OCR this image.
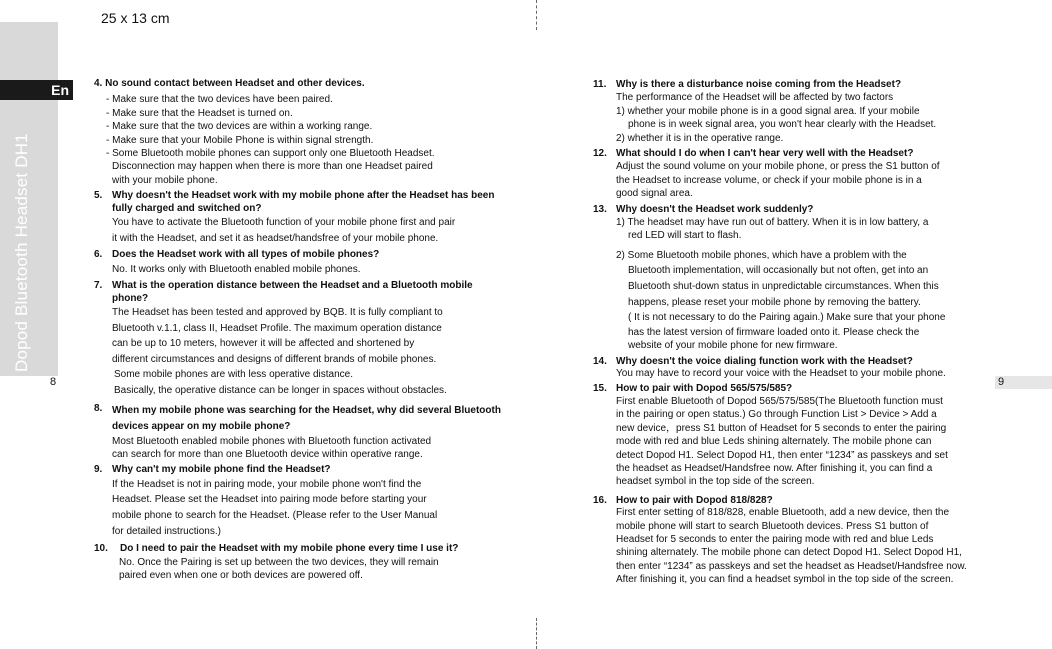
25 x 13 cm
Dopod Bluetooth Headset DH1
En
8	9
4. No sound contact between Headset and other devices.

- Make sure that the two devices have been paired.

- Make sure that the Headset is turned on.

- Make sure that the two devices are within a working range.

- Make sure that your Mobile Phone is within signal strength.

- Some Bluetooth mobile phones can support only one Bluetooth Headset.

Disconnection may happen when there is more than one Headset paired

with your mobile phone.

5. Why doesn't the Headset work with my mobile phone after the Headset has been fully charged and switched on?

You have to activate the Bluetooth function of your mobile phone first and pair

it with the Headset, and set it as headset/handsfree of your mobile phone.

6. Does the Headset work with all types of mobile phones?

No. It works only with Bluetooth enabled mobile phones.

7. What is the operation distance between the Headset and a Bluetooth mobile phone?

The Headset has been tested and approved by BQB. It is fully compliant to

Bluetooth v.1.1, class II, Headset Profile. The maximum operation distance

can be up to 10 meters, however it will be affected and shortened by

different circumstances and designs of different brands of mobile phones.

Some mobile phones are with less operative distance.

Basically, the operative distance can be longer in spaces without obstacles.

8. When my mobile phone was searching for the Headset, why did several Bluetooth devices appear on my mobile phone?

Most Bluetooth enabled mobile phones with Bluetooth function activated

can search for more than one Bluetooth device within operative range.

9. Why can't my mobile phone find the Headset?

If the Headset is not in pairing mode, your mobile phone won't find the

Headset. Please set the Headset into pairing mode before starting your

mobile phone to search for the Headset. (Please refer to the User Manual

for detailed instructions.)

10.	Do I need to pair the Headset with my mobile phone every time I use it?

No. Once the Pairing is set up between the two devices, they will remain

paired even when one or both devices are powered off.

11. Why is there a disturbance noise coming from the Headset?

The performance of the Headset will be affected by two factors

1) whether your mobile phone is in a good signal area. If your mobile

phone is in week signal area, you won't hear clearly with the Headset.

2) whether it is in the operative range.

12. What should I do when I can't hear very well with the Headset?

Adjust the sound volume on your mobile phone, or press the S1 button of

the Headset to increase volume, or check if your mobile phone is in a

good signal area.

13. Why doesn't the Headset work suddenly?

1) The headset may have run out of battery. When it is in low battery, a

red LED will start to flash.

2) Some Bluetooth mobile phones, which have a problem with the

Bluetooth implementation, will occasionally but not often, get into an

Bluetooth shut-down status in unpredictable circumstances. When this

happens, please reset your mobile phone by removing the battery.

( It is not necessary to do the Pairing again.) Make sure that your phone

has the latest version of firmware loaded onto it. Please check the

website of your mobile phone for new firmware.

14. Why doesn't the voice dialing function work with the Headset?

You may have to record your voice with the Headset to your mobile phone.

15. How to pair with Dopod 565/575/585?

First enable Bluetooth of Dopod 565/575/585(The Bluetooth function must

in the pairing or open status.) Go through Function List > Device > Add a

new device，press S1 button of Headset for 5 seconds to enter the pairing

mode with red and blue Leds shining alternately. The mobile phone can

detect Dopod H1. Select Dopod H1, then enter “1234” as passkeys and set

the headset as Headset/Handsfree now. After finishing it, you can find a

headset symbol in the top side of the screen.

16. How to pair with Dopod 818/828?

First enter setting of 818/828, enable Bluetooth, add a new device, then the

mobile phone will start to search Bluetooth devices. Press S1 button of

Headset for 5 seconds to enter the pairing mode with red and blue Leds

shining alternately. The mobile phone can detect Dopod H1. Select Dopod H1,

then enter “1234” as passkeys and set the headset as Headset/Handsfree now.

After finishing it, you can find a headset symbol in the top side of the screen.
